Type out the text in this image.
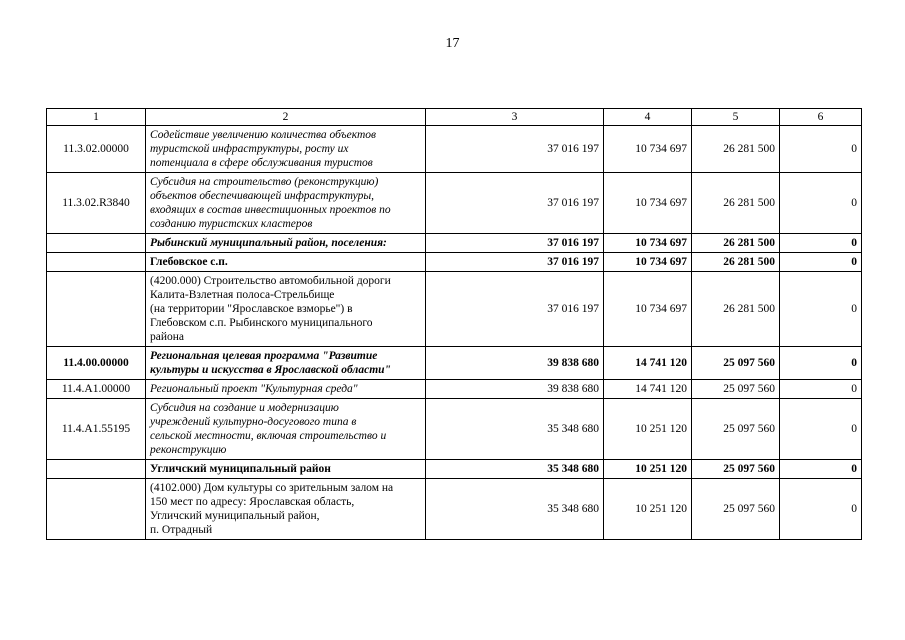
17
1	2	3	4	5	6
11.3.02.00000	Содействие увеличению количества объектов
туристской инфраструктуры, росту их
потенциала в сфере обслуживания туристов	37 016 197	10 734 697	26 281 500	0
11.3.02.R3840	Субсидия на строительство (реконструкцию)
объектов обеспечивающей инфраструктуры,
входящих в состав инвестиционных проектов по
созданию туристских кластеров	37 016 197	10 734 697	26 281 500	0
	Рыбинский муниципальный район, поселения:	37 016 197	10 734 697	26 281 500	0
	Глебовское с.п.	37 016 197	10 734 697	26 281 500	0
	(4200.000) Строительство автомобильной дороги
Калита-Взлетная полоса-Стрельбище
(на территории "Ярославское взморье") в
Глебовском с.п. Рыбинского муниципального
района	37 016 197	10 734 697	26 281 500	0
11.4.00.00000	Региональная целевая программа "Развитие
культуры и искусства в Ярославской области"	39 838 680	14 741 120	25 097 560	0
11.4.A1.00000	Региональный проект "Культурная среда"	39 838 680	14 741 120	25 097 560	0
11.4.A1.55195	Субсидия на создание и модернизацию
учреждений культурно-досугового типа в
сельской местности, включая строительство и
реконструкцию	35 348 680	10 251 120	25 097 560	0
	Угличский муниципальный район	35 348 680	10 251 120	25 097 560	0
	(4102.000) Дом культуры со зрительным залом на
150 мест по адресу: Ярославская область,
Угличский муниципальный район,
п. Отрадный	35 348 680	10 251 120	25 097 560	0
